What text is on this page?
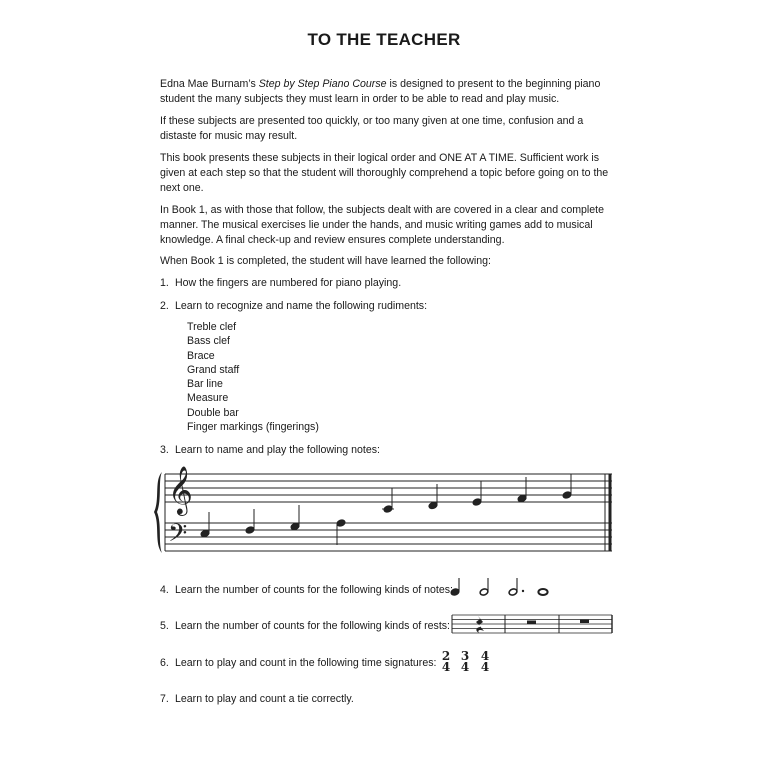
TO THE TEACHER

Edna Mae Burnam’s Step by Step Piano Course is designed to present to the beginning piano student the many subjects they must learn in order to be able to read and play music.

If these subjects are presented too quickly, or too many given at one time, confusion and a distaste for music may result.

This book presents these subjects in their logical order and ONE AT A TIME. Sufficient work is given at each step so that the student will thoroughly comprehend a topic before going on to the next one.

In Book 1, as with those that follow, the subjects dealt with are covered in a clear and complete manner. The musical exercises lie under the hands, and music writing games add to musical knowledge. A final check-up and review ensures complete understanding.

When Book 1 is completed, the student will have learned the following:

1. How the fingers are numbered for piano playing.

2. Learn to recognize and name the following rudiments:

Treble clef
Bass clef
Brace
Grand staff
Bar line
Measure
Double bar
Finger markings (fingerings)

3. Learn to name and play the following notes:

𝄞
𝄢
2
4
3
4
4
4

4. Learn the number of counts for the following kinds of notes:

5. Learn the number of counts for the following kinds of rests:

6. Learn to play and count in the following time signatures:

7. Learn to play and count a tie correctly.
